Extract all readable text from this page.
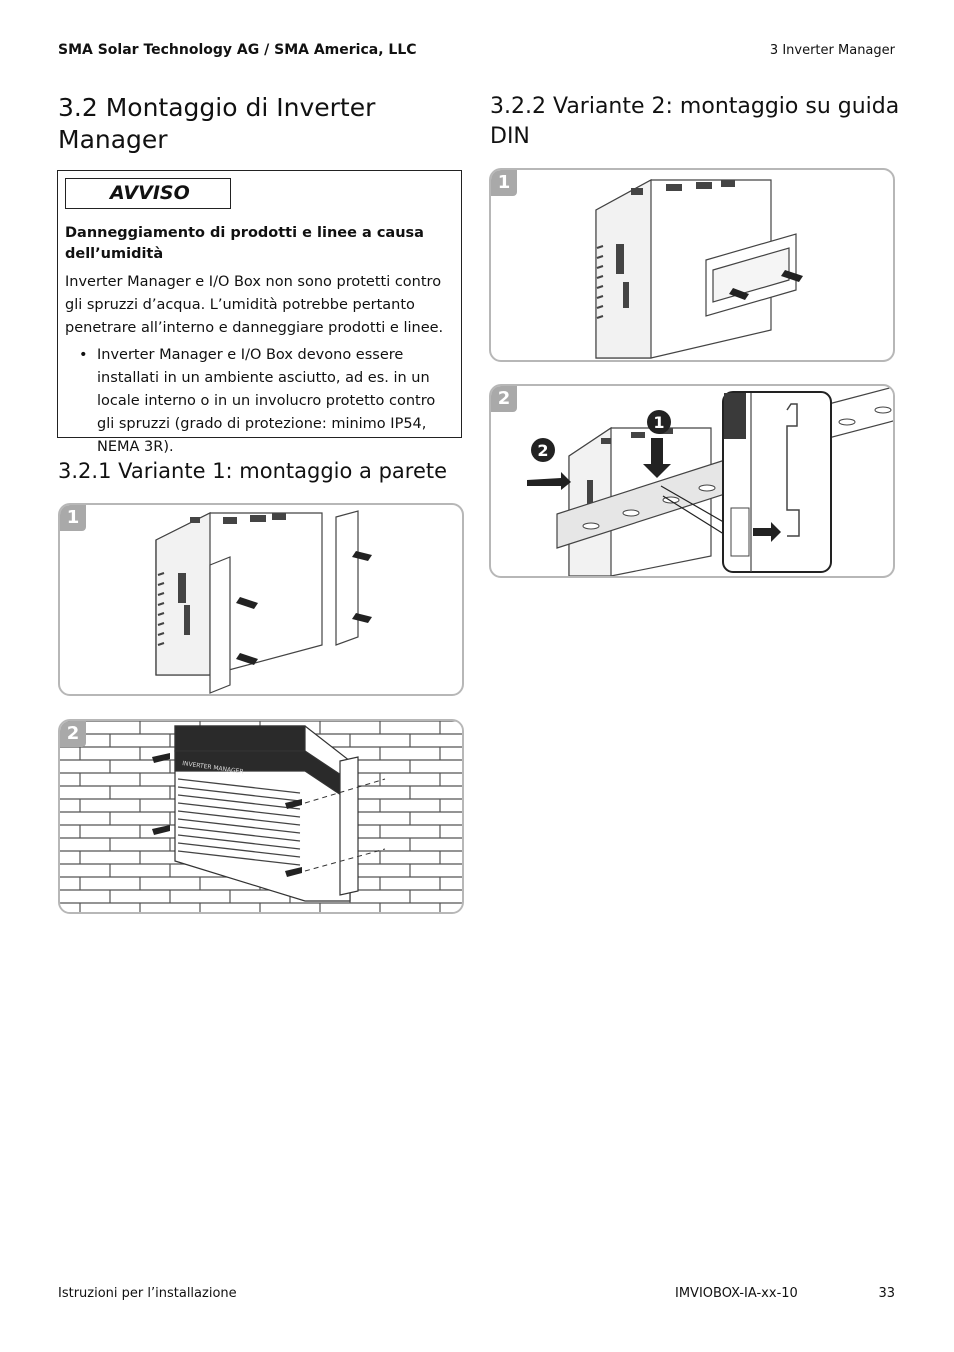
SMA Solar Technology AG / SMA America, LLC	3 Inverter Manager
3.2 Montaggio di Inverter Manager
3.2.2 Variante 2: montaggio su guida DIN
AVVISO
Danneggiamento di prodotti e linee a causa dell’umidità
Inverter Manager e I/O Box non sono protetti contro gli spruzzi d’acqua. L’umidità potrebbe pertanto penetrare all’interno e danneggiare prodotti e linee.
• Inverter Manager e I/O Box devono essere installati in un ambiente asciutto, ad es. in un locale interno o in un involucro protetto contro gli spruzzi (grado di protezione: minimo IP54, NEMA 3R).
3.2.1 Variante 1: montaggio a parete
1
INVERTER MANAGER
2
1
1
2
2
Istruzioni per l’installazione	IMVIOBOX-IA-xx-10	33
